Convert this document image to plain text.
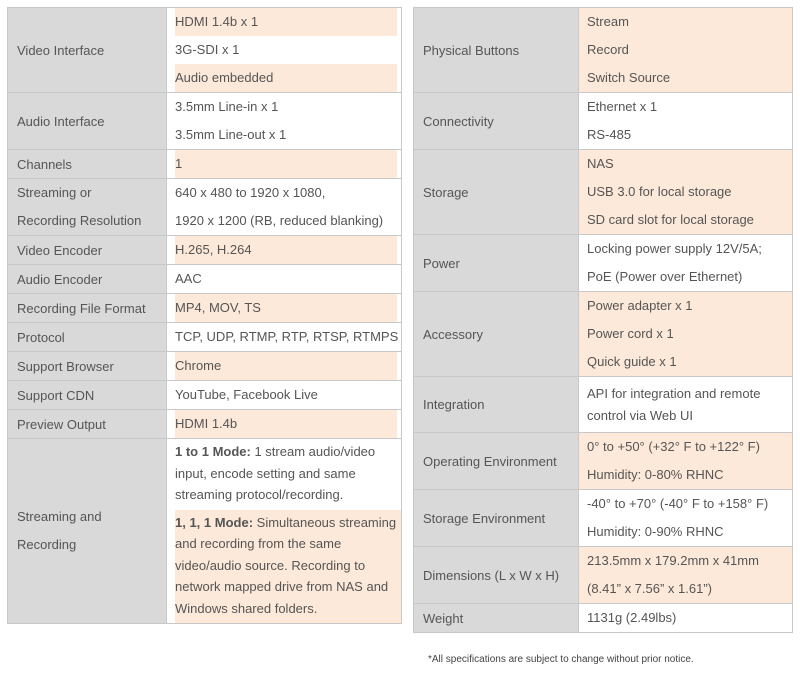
Video Interface	HDMI 1.4b x 1
3G-SDI x 1
Audio embedded

Audio Interface	3.5mm Line-in x 1
3.5mm Line-out x 1

Channels	1

Streaming or
Recording Resolution	640 x 480 to 1920 x 1080,
1920 x 1200 (RB, reduced blanking)

Video Encoder	H.265, H.264

Audio Encoder	AAC

Recording File Format	MP4, MOV, TS

Protocol	TCP, UDP, RTMP, RTP, RTSP, RTMPS

Support Browser	Chrome

Support CDN	YouTube, Facebook Live

Preview Output	HDMI 1.4b

Streaming and
Recording	1 to 1 Mode: 1 stream audio/video input, encode setting and same streaming protocol/recording.
1, 1, 1 Mode: Simultaneous streaming and recording from the same video/audio source. Recording to network mapped drive from NAS and Windows shared folders.
Physical Buttons	Stream
Record
Switch Source

Connectivity	Ethernet x 1
RS-485

Storage	NAS
USB 3.0 for local storage
SD card slot for local storage

Power	Locking power supply 12V/5A;
PoE (Power over Ethernet)

Accessory	Power adapter x 1
Power cord x 1
Quick guide x 1

Integration	API for integration and remote control via Web UI

Operating Environment	0° to +50° (+32° F to +122° F)
Humidity: 0-80% RHNC

Storage Environment	-40° to +70° (-40° F to +158° F)
Humidity: 0-90% RHNC

Dimensions (L x W x H)	213.5mm x 179.2mm x 41mm
(8.41” x 7.56” x 1.61”)

Weight	1131g (2.49lbs)
*All specifications are subject to change without prior notice.
